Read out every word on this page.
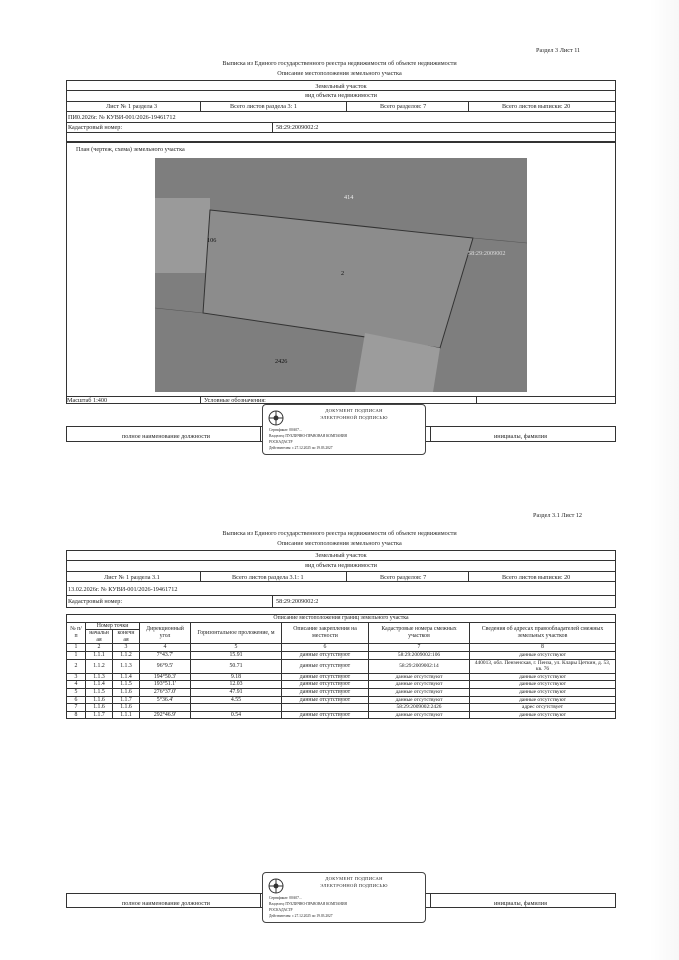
Раздел 3 Лист 11
Выписка из Единого государственного реестра недвижимости об объекте недвижимости
Описание местоположения земельного участка
Земельный участок
вид объекта недвижимости
Лист № 1 раздела 3	Всего листов раздела 3: 1	Всего разделов: 7	Всего листов выписки: 20
ПИ0.2026г. № КУВИ-001/2026-19461712
Кадастровый номер:	58:29:2009002:2
План (чертеж, схема) земельного участка
414
106
2
2426
58:29:2009002
Масштаб 1:400	Условные обозначения:
полное наименование должности	инициалы, фамилия
ДОКУМЕНТ ПОДПИСАН
ЭЛЕКТРОННОЙ ПОДПИСЬЮ
Сертификат: 00A07...
Владелец: ПУБЛИЧНО-ПРАВОВАЯ КОМПАНИЯ
РОСКАДАСТР
Действителен: с 27.12.2025 по 19.03.2027
Раздел 3.1 Лист 12
Выписка из Единого государственного реестра недвижимости об объекте недвижимости
Описание местоположения земельного участка
Земельный участок
вид объекта недвижимости
Лист № 1 раздела 3.1	Всего листов раздела 3.1: 1	Всего разделов: 7	Всего листов выписки: 20
13.02.2026г. № КУВИ-001/2026-19461712
Кадастровый номер:	58:29:2009002:2
Описание местоположения границ земельного участка							
№ п/п	Номер точки		Дирекционный угол	Горизонтальное проложение, м	Описание закрепления на местности	Кадастровые номера смежных участков	Сведения об адресах правообладателей смежных земельных участков
	начальн ая	конечн ая					
1	2	3	4	5	6	7	8
1	1.1.1	1.1.2	7°43.7'	15.91	данные отсутствуют	58:29:2009002:106	данные отсутствуют
2	1.1.2	1.1.3	96°9.5'	50.71	данные отсутствуют	58:29:2009002:14	440013, обл. Пензенская, г. Пенза, ул. Клары Цеткин, д. 53, кв. 76
3	1.1.3	1.1.4	194°50.3'	9.18	данные отсутствуют	данные отсутствуют	данные отсутствуют
4	1.1.4	1.1.5	193°51.1'	12.03	данные отсутствуют	данные отсутствуют	данные отсутствуют
5	1.1.5	1.1.6	276°37.0'	47.91	данные отсутствуют	данные отсутствуют	данные отсутствуют
6	1.1.6	1.1.7	5°36.4'	4.55	данные отсутствуют	данные отсутствуют	данные отсутствуют
7	1.1.6	1.1.6				58:29:2009002:2426	адрес отсутствует
8	1.1.7	1.1.1	292°46.9'	0.54	данные отсутствуют	данные отсутствуют	данные отсутствуют
полное наименование должности	инициалы, фамилия
ДОКУМЕНТ ПОДПИСАН
ЭЛЕКТРОННОЙ ПОДПИСЬЮ
Сертификат: 00A07...
Владелец: ПУБЛИЧНО-ПРАВОВАЯ КОМПАНИЯ
РОСКАДАСТР
Действителен: с 27.12.2025 по 19.03.2027
